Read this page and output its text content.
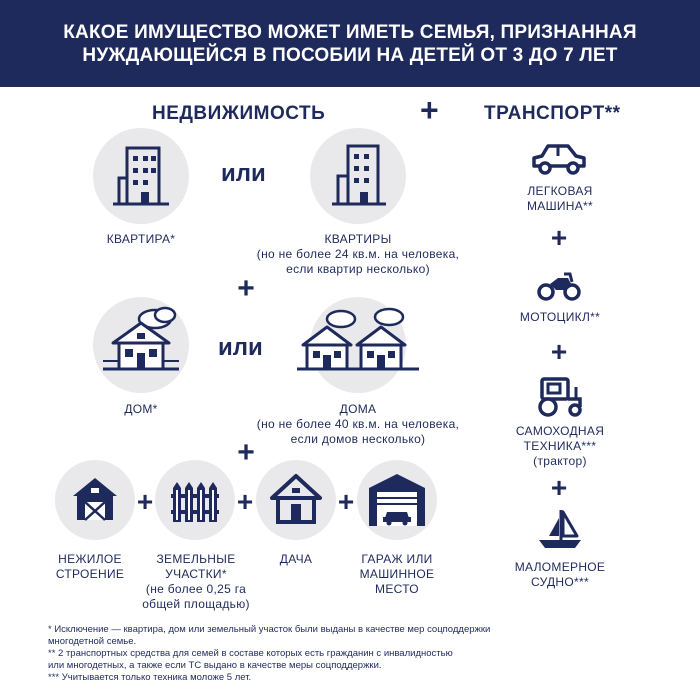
КАКОЕ ИМУЩЕСТВО МОЖЕТ ИМЕТЬ СЕМЬЯ, ПРИЗНАННАЯ
НУЖДАЮЩЕЙСЯ В ПОСОБИИ НА ДЕТЕЙ ОТ 3 ДО 7 ЛЕТ
НЕДВИЖИМОСТЬ	+ ТРАНСПОРТ**
или
КВАРТИРА*	КВАРТИРЫ
(но не более 24 кв.м. на человека,
если квартир несколько)
+
или
ДОМ*	ДОМА
(но не более 40 кв.м. на человека,
если домов несколько)
+
+	+	+
НЕЖИЛОЕ
СТРОЕНИЕ
ЗЕМЕЛЬНЫЕ
УЧАСТКИ*
(не более 0,25 га
общей площадью)
ДАЧА	ГАРАЖ ИЛИ
МАШИННОЕ
МЕСТО
ЛЕГКОВАЯ
МАШИНА**
+
МОТОЦИКЛ**
+
САМОХОДНАЯ
ТЕХНИКА***
(трактор)
+
МАЛОМЕРНОЕ
СУДНО***
* Исключение — квартира, дом или земельный участок были выданы в качестве мер соцподдержки
многодетной семье.
** 2 транспортных средства для семей в составе которых есть гражданин с инвалидностью
или многодетных, а также если ТС выдано в качестве меры соцподдержки.
*** Учитывается только техника моложе 5 лет.
